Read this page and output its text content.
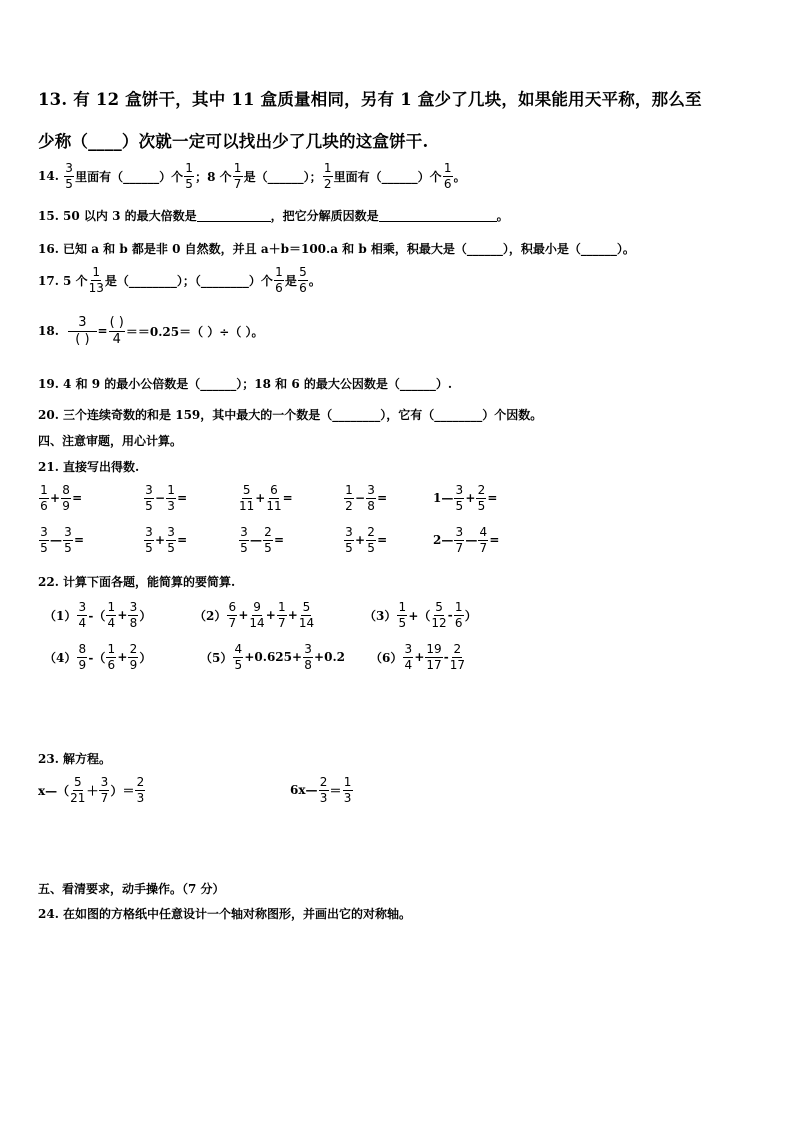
13. 有 12 盒饼干，其中 11 盒质量相同，另有 1 盒少了几块，如果能用天平称，那么至
少称（____）次就一定可以找出少了几块的这盒饼干.
14.
$\frac{3}{5}$ 里面有（______）个 $\frac{1}{5}$ ；8 个 $\frac{1}{7}$ 是（______）； $\frac{1}{2}$ 里面有（______）个 $\frac{1}{6}$ 。
15. 50 以内 3 的最大倍数是	，把它分解质因数是	。
16. 已知 a 和 b 都是非 0 自然数，并且 a＋b＝100.a 和 b 相乘，积最大是（______），积最小是（______）。
17. 5 个 $\frac{1}{13}$ 是（________）；（________）个 $\frac{1}{6}$ 是 $\frac{5}{6}$ 。
18.
$\frac{3}{( )} = \frac{( )}{4} ==0.25=$（ ）÷（ ）。
19. 4 和 9 的最小公倍数是（______）；18 和 6 的最大公因数是（______）.
20. 三个连续奇数的和是 159，其中最大的一个数是（________），它有（________）个因数。
四、注意审题，用心计算。
21. 直接写出得数.
$\frac{1}{6} + \frac{8}{9}$ =	$\frac{3}{5} - \frac{1}{3}$ =	$\frac{5}{11} + \frac{6}{11}$ =	$\frac{1}{2} - \frac{3}{8}$ =	1— $\frac{3}{5} + \frac{2}{5}$ =
$\frac{3}{5}$ — $\frac{3}{5}$ =	$\frac{3}{5} + \frac{3}{5}$ =	$\frac{3}{5}$ — $\frac{2}{5}$ =	$\frac{3}{5} + \frac{2}{5}$ =	2— $\frac{3}{7}$ — $\frac{4}{7}$ =
22. 计算下面各题，能简算的要简算.
$(1) \frac{3}{4}$ -（ $\frac{1}{4} + \frac{3}{8}$ ）	$(2) \frac{6}{7} + \frac{9}{14} + \frac{1}{7} + \frac{5}{14}$	$(3) \frac{1}{5}$ +（ $\frac{5}{12} - \frac{1}{6}$ ）
$(4) \frac{8}{9}$ -（ $\frac{1}{6} + \frac{2}{9}$ ）	$(5) \frac{4}{5} +0.625+ \frac{3}{8} +0.2$ $(6) \frac{3}{4} + \frac{19}{17} - \frac{2}{17}$
23. 解方程。
x—（ $\frac{5}{21} + \frac{3}{7}$ ）＝ $\frac{2}{3}$	6x— $\frac{2}{3} = \frac{1}{3}$
五、看清要求，动手操作。（7 分）
24. 在如图的方格纸中任意设计一个轴对称图形，并画出它的对称轴。
